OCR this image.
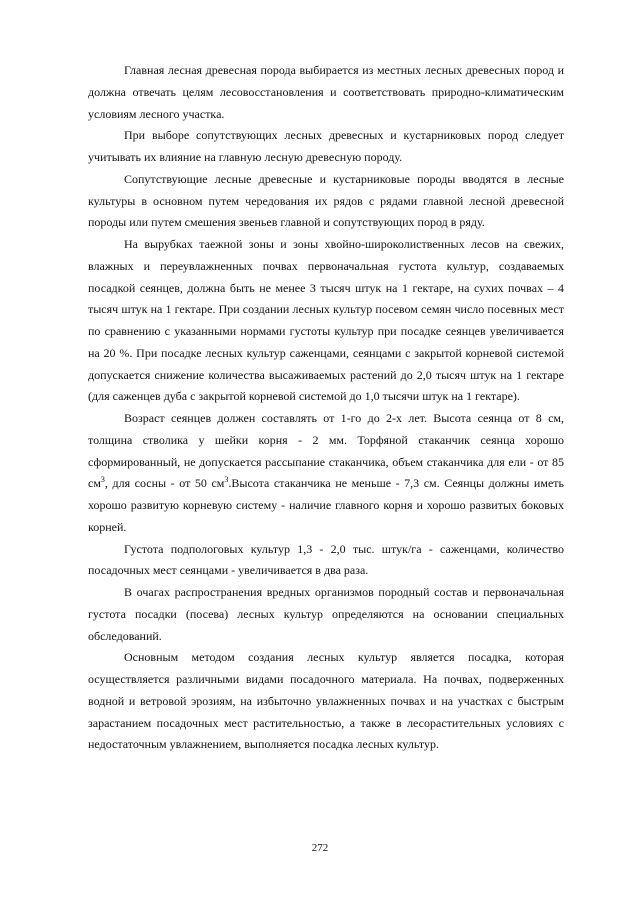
Главная лесная древесная порода выбирается из местных лесных древесных пород и должна отвечать целям лесовосстановления и соответствовать природно-климатическим условиям лесного участка.

При выборе сопутствующих лесных древесных и кустарниковых пород следует учитывать их влияние на главную лесную древесную породу.

Сопутствующие лесные древесные и кустарниковые породы вводятся в лесные культуры в основном путем чередования их рядов с рядами главной лесной древесной породы или путем смешения звеньев главной и сопутствующих пород в ряду.

На вырубках таежной зоны и зоны хвойно-широколиственных лесов на свежих, влажных и переувлажненных почвах первоначальная густота культур, создаваемых посадкой сеянцев, должна быть не менее 3 тысяч штук на 1 гектаре, на сухих почвах – 4 тысяч штук на 1 гектаре. При создании лесных культур посевом семян число посевных мест по сравнению с указанными нормами густоты культур при посадке сеянцев увеличивается на 20 %. При посадке лесных культур саженцами, сеянцами с закрытой корневой системой допускается снижение количества высаживаемых растений до 2,0 тысяч штук на 1 гектаре (для саженцев дуба с закрытой корневой системой до 1,0 тысячи штук на 1 гектаре).

Возраст сеянцев должен составлять от 1-го до 2-х лет. Высота сеянца от 8 см, толщина стволика у шейки корня - 2 мм. Торфяной стаканчик сеянца хорошо сформированный, не допускается рассыпание стаканчика, объем стаканчика для ели - от 85 $см^3$, для сосны - от 50 $см^3.Высота$ стаканчика не меньше - 7,3 см. Сеянцы должны иметь хорошо развитую корневую систему - наличие главного корня и хорошо развитых боковых корней.

Густота подпологовых культур 1,3 - 2,0 тыс. штук/га - саженцами, количество посадочных мест сеянцами - увеличивается в два раза.

В очагах распространения вредных организмов породный состав и первоначальная густота посадки (посева) лесных культур определяются на основании специальных обследований.

Основным методом создания лесных культур является посадка, которая осуществляется различными видами посадочного материала. На почвах, подверженных водной и ветровой эрозиям, на избыточно увлажненных почвах и на участках с быстрым зарастанием посадочных мест растительностью, а также в лесорастительных условиях с недостаточным увлажнением, выполняется посадка лесных культур.

272
